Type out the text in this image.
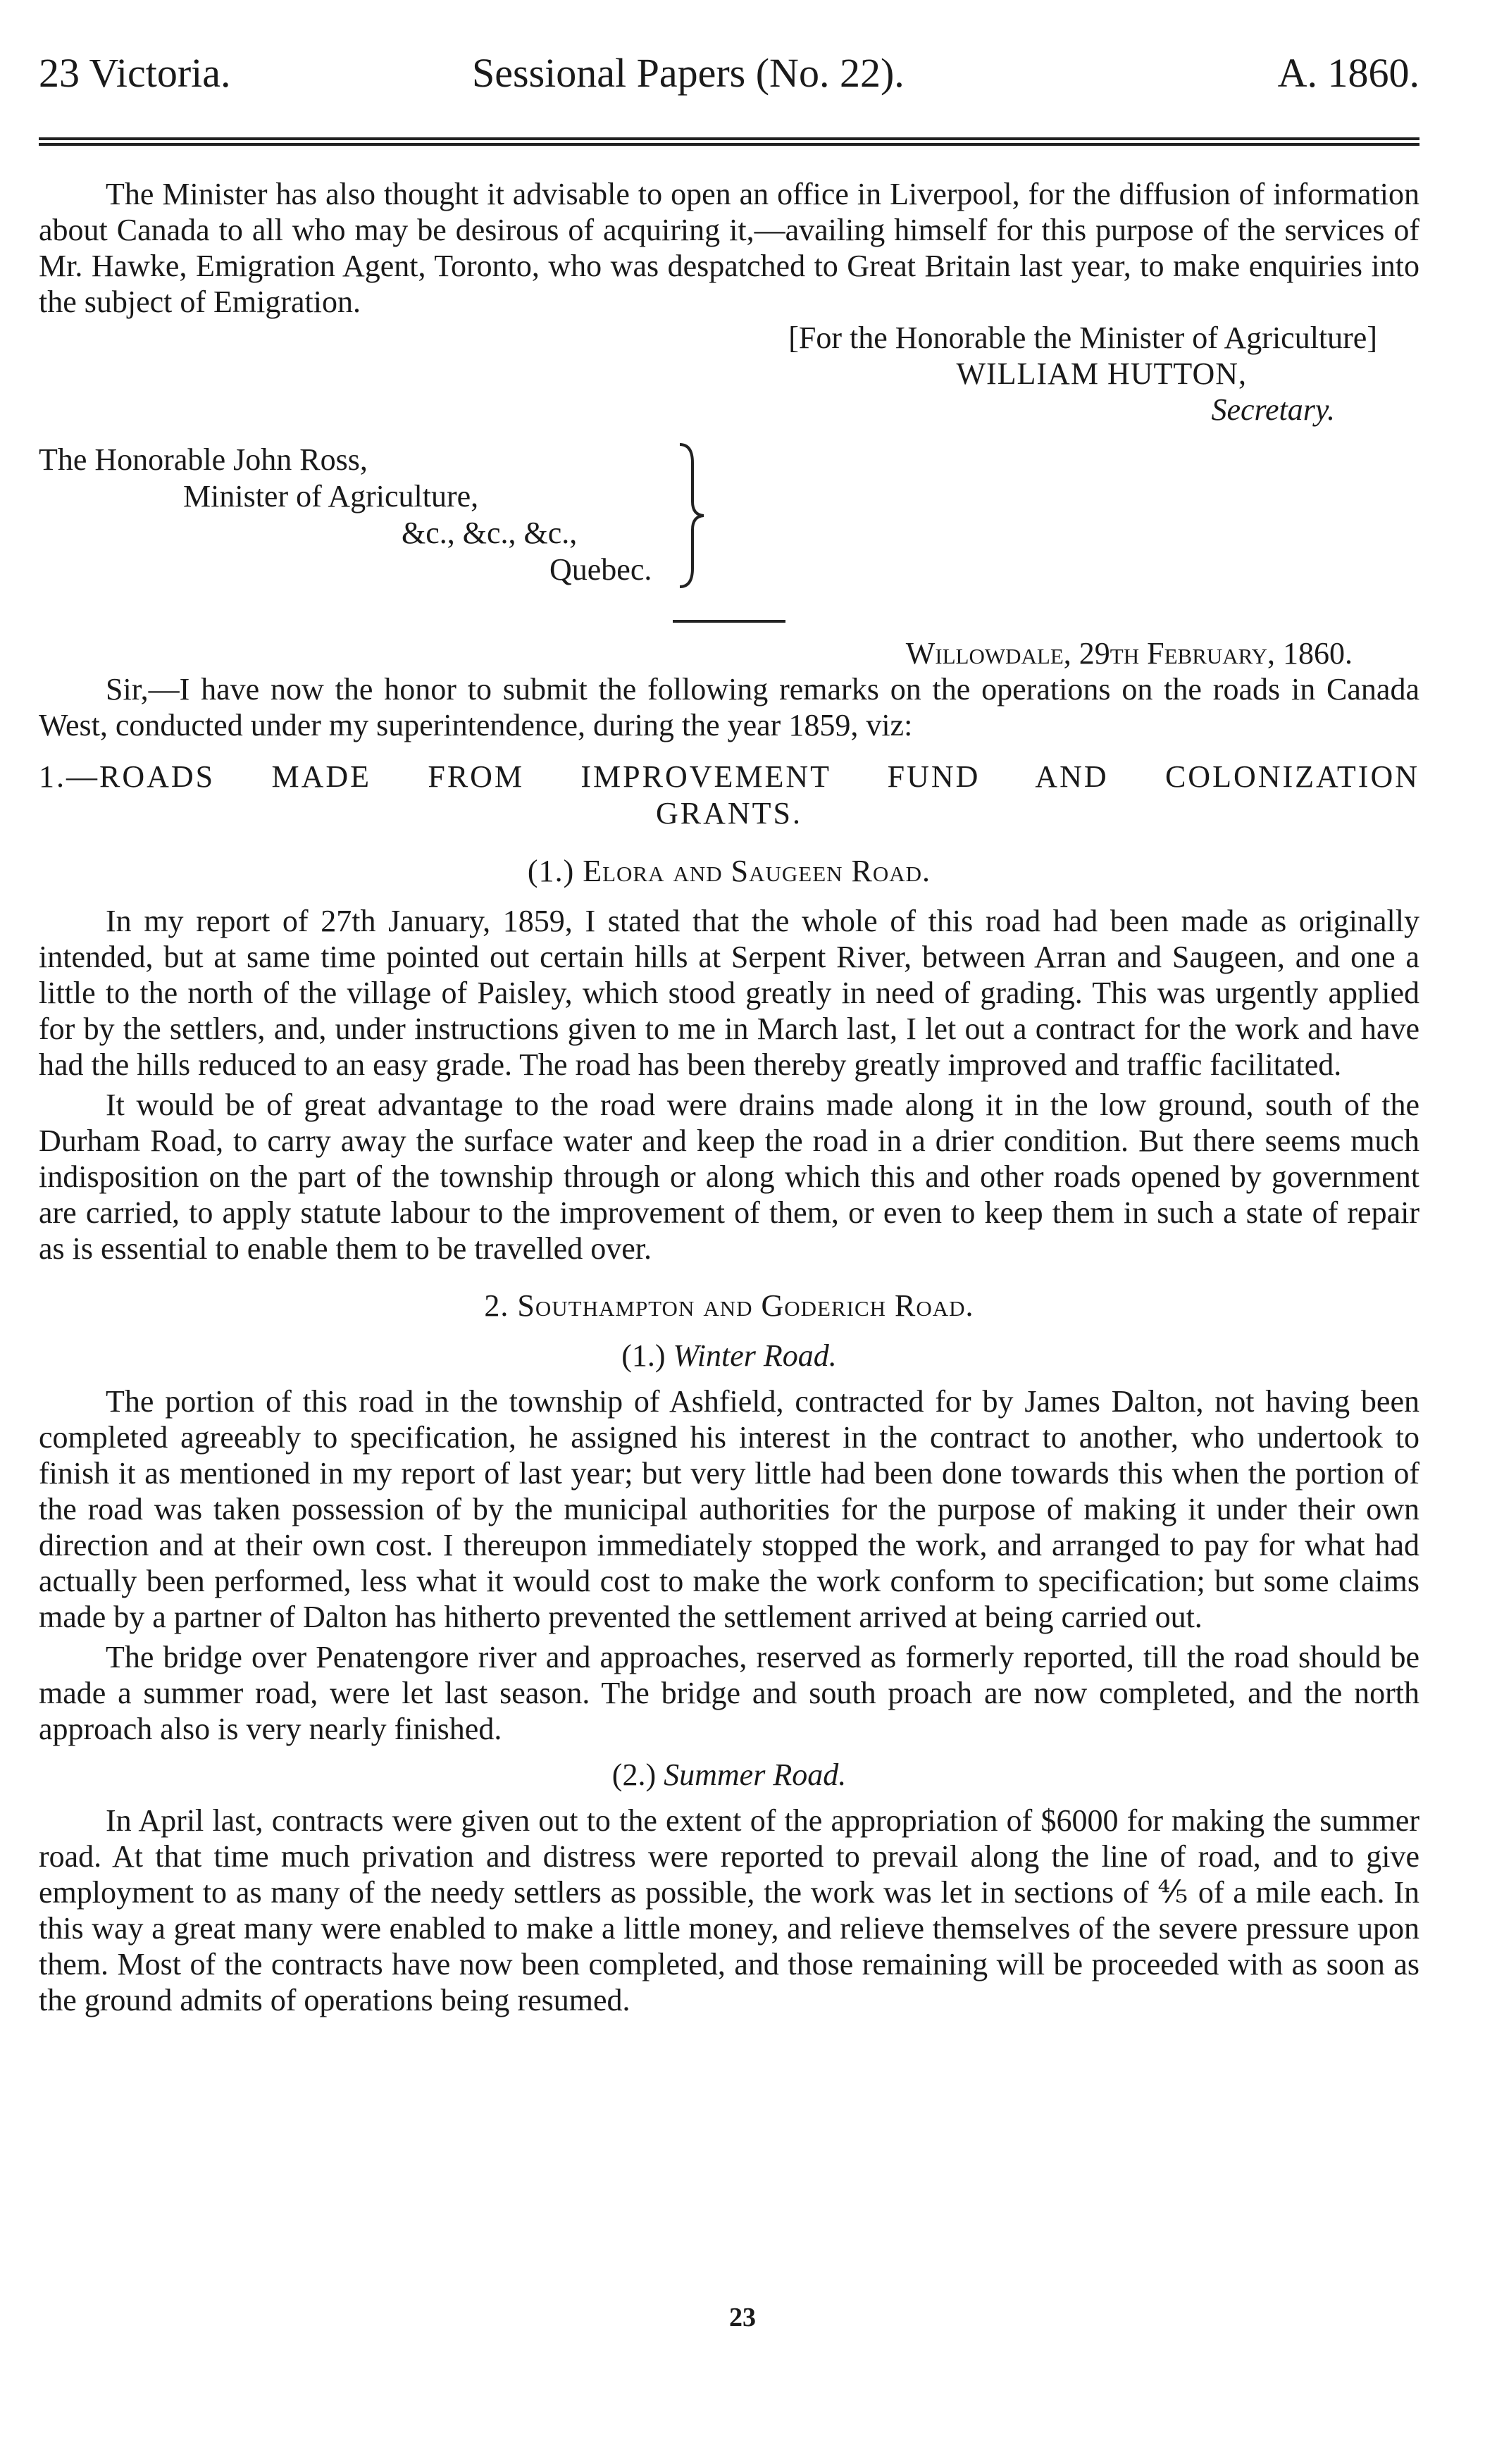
23 Victoria.	Sessional Papers (No. 22).	A. 1860.

The Minister has also thought it advisable to open an office in Liverpool, for the diffusion of information about Canada to all who may be desirous of acquiring it,—availing himself for this purpose of the services of Mr. Hawke, Emigration Agent, Toronto, who was despatched to Great Britain last year, to make enquiries into the subject of Emigration.

[For the Honorable the Minister of Agriculture]

WILLIAM HUTTON,

Secretary.

The Honorable John Ross,
Minister of Agriculture,
&c., &c., &c.,
Quebec.

Willowdale, 29th February, 1860.

Sir,—I have now the honor to submit the following remarks on the operations on the roads in Canada West, conducted under my superintendence, during the year 1859, viz:

1.—ROADS MADE FROM IMPROVEMENT FUND AND COLONIZATION
GRANTS.

(1.) Elora and Saugeen Road.

In my report of 27th January, 1859, I stated that the whole of this road had been made as originally intended, but at same time pointed out certain hills at Serpent River, between Arran and Saugeen, and one a little to the north of the village of Paisley, which stood greatly in need of grading. This was urgently applied for by the settlers, and, under instructions given to me in March last, I let out a contract for the work and have had the hills reduced to an easy grade. The road has been thereby greatly improved and traffic facilitated.

It would be of great advantage to the road were drains made along it in the low ground, south of the Durham Road, to carry away the surface water and keep the road in a drier condition. But there seems much indisposition on the part of the township through or along which this and other roads opened by government are carried, to apply statute labour to the improvement of them, or even to keep them in such a state of repair as is essential to enable them to be travelled over.

2. Southampton and Goderich Road.

(1.) Winter Road.

The portion of this road in the township of Ashfield, contracted for by James Dalton, not having been completed agreeably to specification, he assigned his interest in the contract to another, who undertook to finish it as mentioned in my report of last year; but very little had been done towards this when the portion of the road was taken possession of by the municipal authorities for the purpose of making it under their own direction and at their own cost. I thereupon immediately stopped the work, and arranged to pay for what had actually been performed, less what it would cost to make the work conform to specification; but some claims made by a partner of Dalton has hitherto prevented the settlement arrived at being carried out.

The bridge over Penatengore river and approaches, reserved as formerly reported, till the road should be made a summer road, were let last season. The bridge and south proach are now completed, and the north approach also is very nearly finished.

(2.) Summer Road.

In April last, contracts were given out to the extent of the appropriation of $6000 for making the summer road. At that time much privation and distress were reported to prevail along the line of road, and to give employment to as many of the needy settlers as possible, the work was let in sections of ⅘ of a mile each. In this way a great many were enabled to make a little money, and relieve themselves of the severe pressure upon them. Most of the contracts have now been completed, and those remaining will be proceeded with as soon as the ground admits of operations being resumed.

23
